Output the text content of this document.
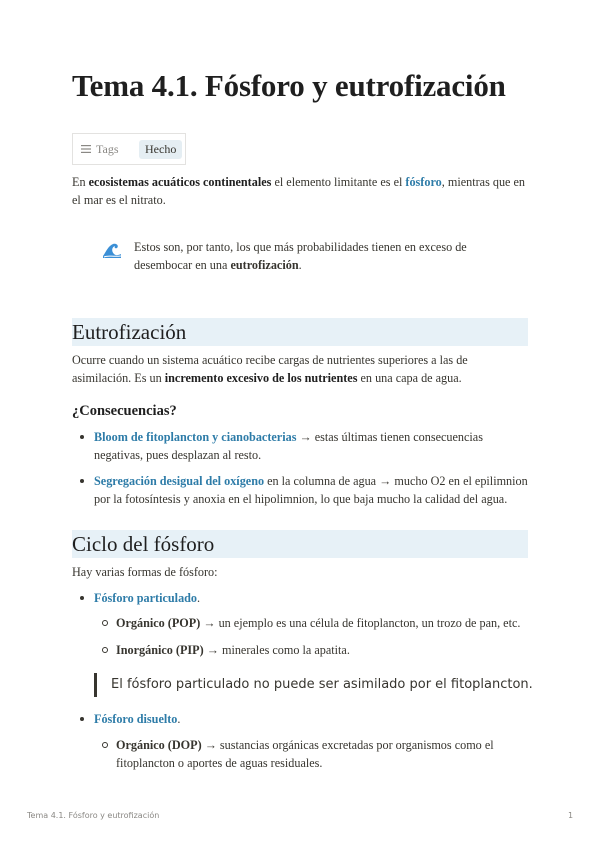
Tema 4.1. Fósforo y eutrofización
Tags	Hecho

En ecosistemas acuáticos continentales el elemento limitante es el fósforo, mientras que en el mar es el nitrato.

Estos son, por tanto, los que más probabilidades tienen en exceso de desembocar en una eutrofización.
Eutrofización

Ocurre cuando un sistema acuático recibe cargas de nutrientes superiores a las de asimilación. Es un incremento excesivo de los nutrientes en una capa de agua.

¿Consecuencias?
Bloom de fitoplancton y cianobacterias → estas últimas tienen consecuencias negativas, pues desplazan al resto.
Segregación desigual del oxígeno en la columna de agua → mucho O2 en el epilimnion por la fotosíntesis y anoxia en el hipolimnion, lo que baja mucho la calidad del agua.
Ciclo del fósforo

Hay varias formas de fósforo:

Fósforo particulado.
Orgánico (POP) → un ejemplo es una célula de fitoplancton, un trozo de pan, etc.
Inorgánico (PIP) → minerales como la apatita.
El fósforo particulado no puede ser asimilado por el fitoplancton.
Fósforo disuelto.
Orgánico (DOP) → sustancias orgánicas excretadas por organismos como el fitoplancton o aportes de aguas residuales.
Tema 4.1. Fósforo y eutrofización	1
